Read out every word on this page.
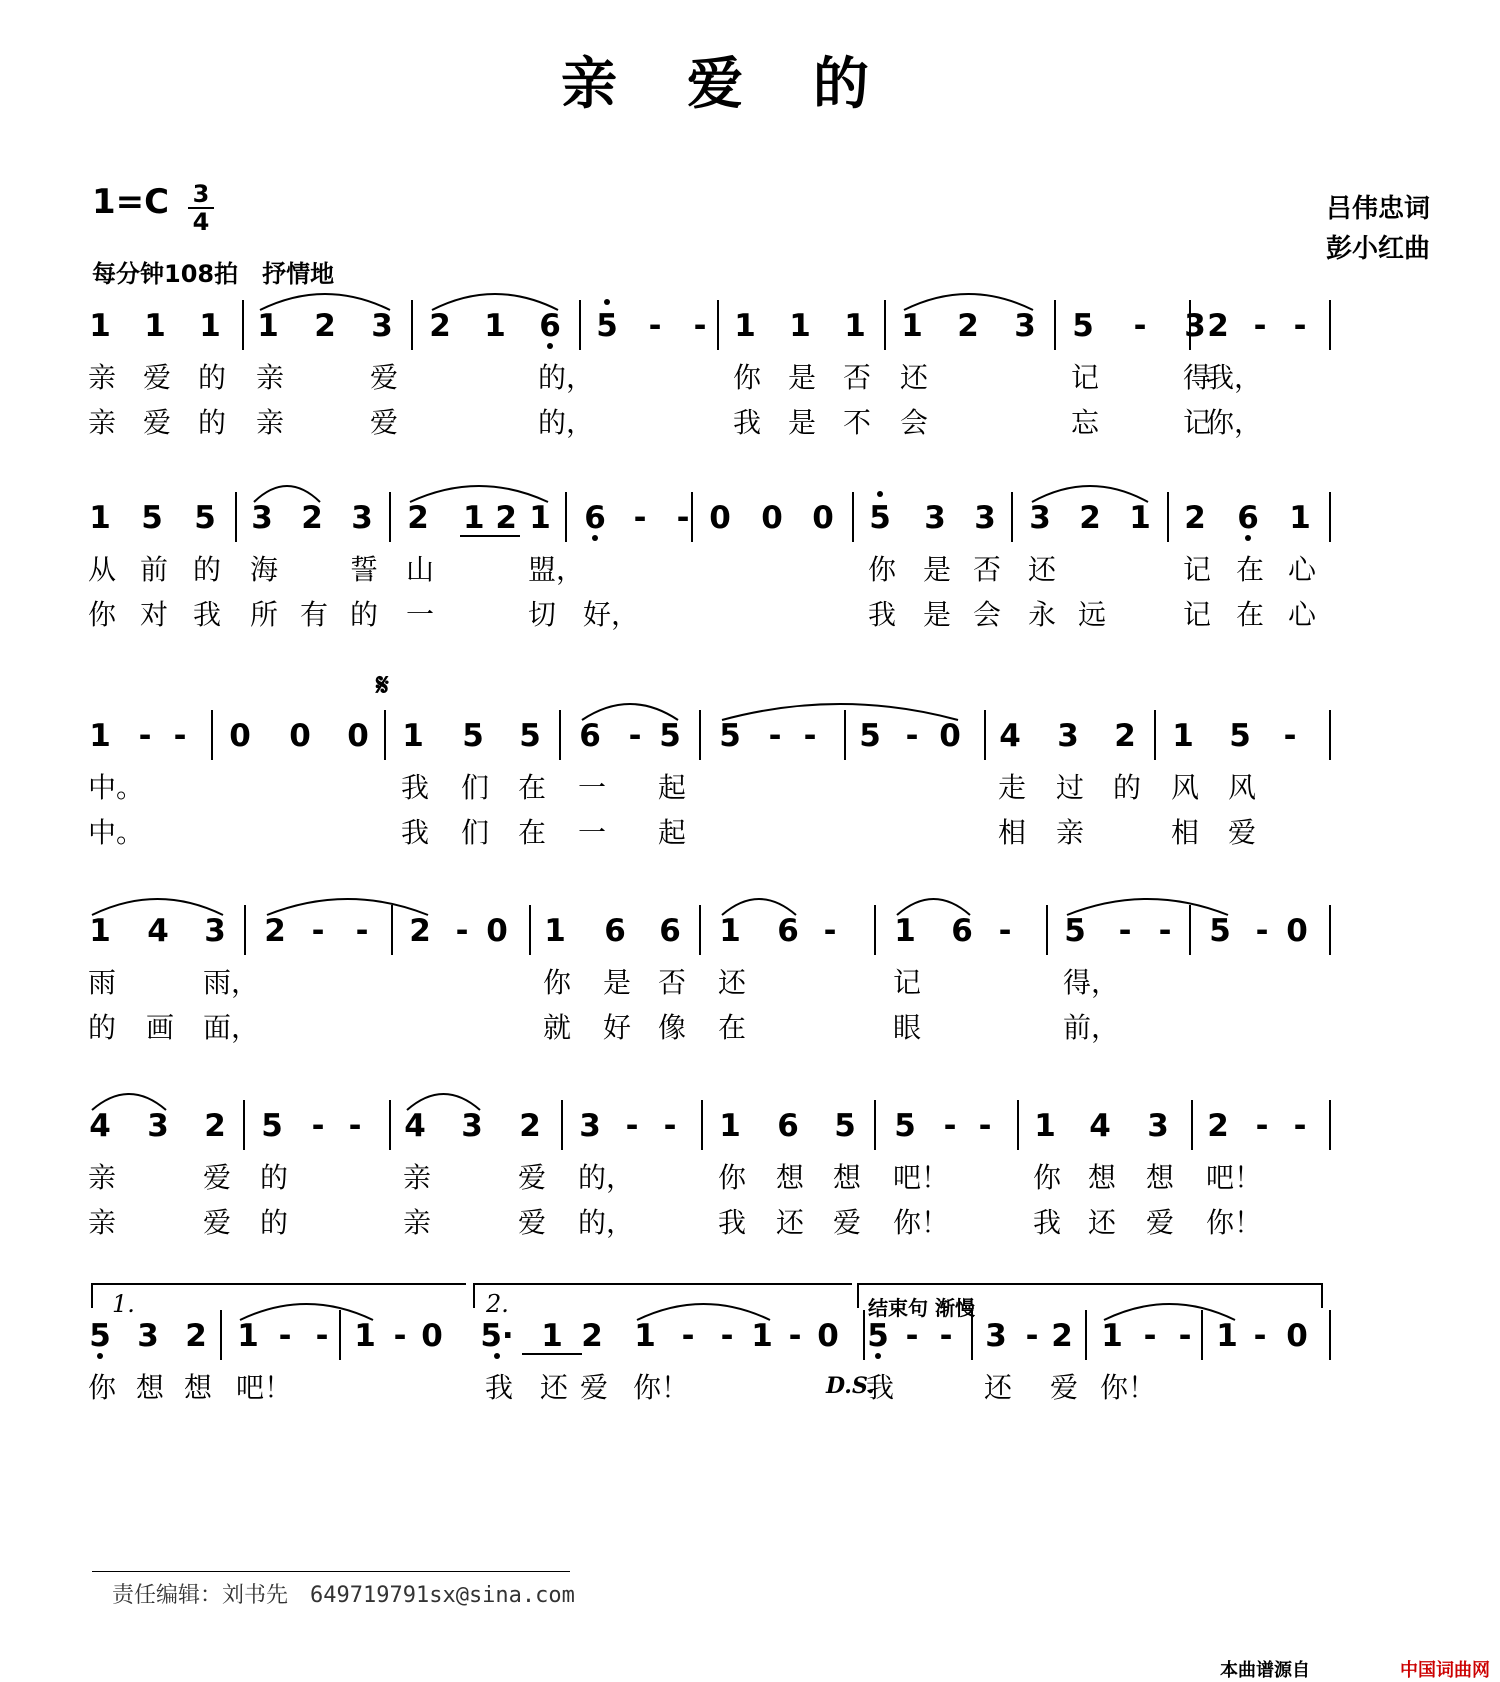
亲爱的
1=C 3
4
每分钟108拍　抒情地
吕伟忠词
彭小红曲
1 1 1 1 2 3 2 1 6 5 - - 1 1 1 1 2 3 5 - 3 2 - -
亲 爱 的 亲	爱	的，	你 是 否 还	记	得
我，
亲 爱 的 亲	爱	的，	我 是 不 会	忘	记
你，
1 5 5 3 2 3 2 1 2 1 6 - - 0 0 0 5 3 3 3 2 1 2 6 1
从 前 的 海	誓 山	盟，	你 是 否 还	记 在 心
你 对 我 所 有 的 一	切 好，	我 是 会 永 远	记 在 心
1 - - 0 0 0 1 5 5 6 - 5 5 - - 5 - 0 4 3 2 1 5 -
中。	我 们 在 一 起	走 过 的 风 风
中。	我 们 在 一 起	相 亲	相 爱
1 4 3 2 - - 2 - 0 1 6 6 1 6 - 1 6 - 5 - - 5 - 0
雨	雨，	你 是 否 还	记	得，
的 画 面，	就 好 像 在	眼	前，
4 3 2 5 - - 4 3 2 3 - - 1 6 5 5 - - 1 4 3 2 - -
亲	爱 的	亲	爱 的，	你 想 想 吧！	你 想 想 吧！
亲	爱 的	亲	爱 的，	我 还 爱 你！	我 还 爱 你！
5 3 2 1 - - 1 - 0	5· 1 2 1 - - 1 - 0 5 - - 3 - 2 1 - - 1 - 0
你 想 想 吧！	我 还 爱 你！	我	还 爱 你！
责任编辑：刘书先　649719791sx@sina.com
本曲谱源自	中国词曲网
𝄋
1.	2.	结束句 渐慢
D.S.
